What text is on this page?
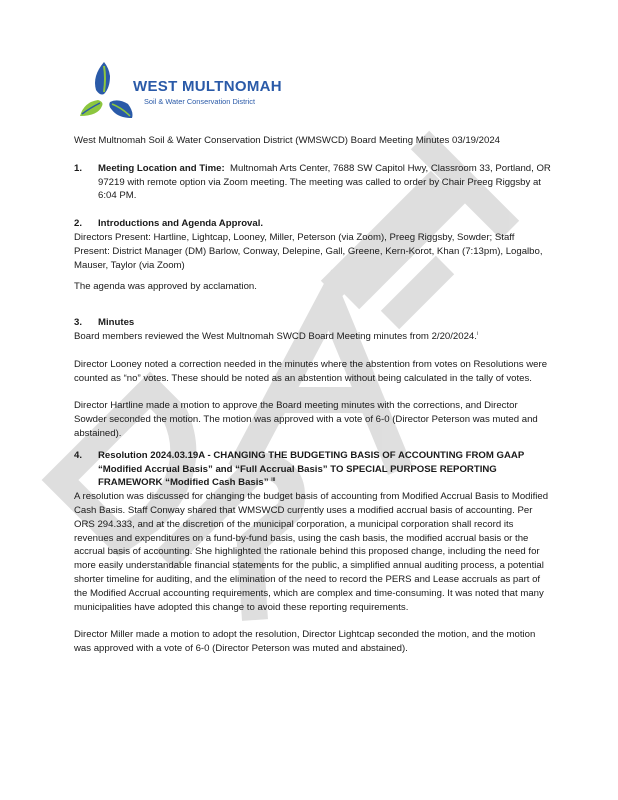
WEST MULTNOMAH
Soil & Water Conservation District

West Multnomah Soil & Water Conservation District (WMSWCD) Board Meeting Minutes 03/19/2024

1.	Meeting Location and Time: Multnomah Arts Center, 7688 SW Capitol Hwy, Classroom 33, Portland, OR 97219 with remote option via Zoom meeting. The meeting was called to order by Chair Preeg Riggsby at 6:04 PM.

2.	Introductions and Agenda Approval.

Directors Present: Hartline, Lightcap, Looney, Miller, Peterson (via Zoom), Preeg Riggsby, Sowder; Staff Present: District Manager (DM) Barlow, Conway, Delepine, Gall, Greene, Kern-Korot, Khan (7:13pm), Logalbo, Mauser, Taylor (via Zoom)

The agenda was approved by acclamation.

3.	Minutes

Board members reviewed the West Multnomah SWCD Board Meeting minutes from 2/20/2024.$^i$

Director Looney noted a correction needed in the minutes where the abstention from votes on Resolutions were counted as “no” votes. These should be noted as an abstention without being calculated in the tally of votes.

Director Hartline made a motion to approve the Board meeting minutes with the corrections, and Director Sowder seconded the motion. The motion was approved with a vote of 6-0 (Director Peterson was muted and abstained).

4.	Resolution 2024.03.19A - CHANGING THE BUDGETING BASIS OF ACCOUNTING FROM GAAP “Modified Accrual Basis” and “Full Accrual Basis” TO SPECIAL PURPOSE REPORTING FRAMEWORK “Modified Cash Basis” $^{iii}$

A resolution was discussed for changing the budget basis of accounting from Modified Accrual Basis to Modified Cash Basis. Staff Conway shared that WMSWCD currently uses a modified accrual basis of accounting. Per ORS 294.333, and at the discretion of the municipal corporation, a municipal corporation shall record its revenues and expenditures on a fund-by-fund basis, using the cash basis, the modified accrual basis or the accrual basis of accounting. She highlighted the rationale behind this proposed change, including the need for more easily understandable financial statements for the public, a simplified annual auditing process, a potential shorter timeline for auditing, and the elimination of the need to record the PERS and Lease accruals as part of the Modified Accrual accounting requirements, which are complex and time-consuming. It was noted that many municipalities have adopted this change to avoid these reporting requirements.

Director Miller made a motion to adopt the resolution, Director Lightcap seconded the motion, and the motion was approved with a vote of 6-0 (Director Peterson was muted and abstained).
